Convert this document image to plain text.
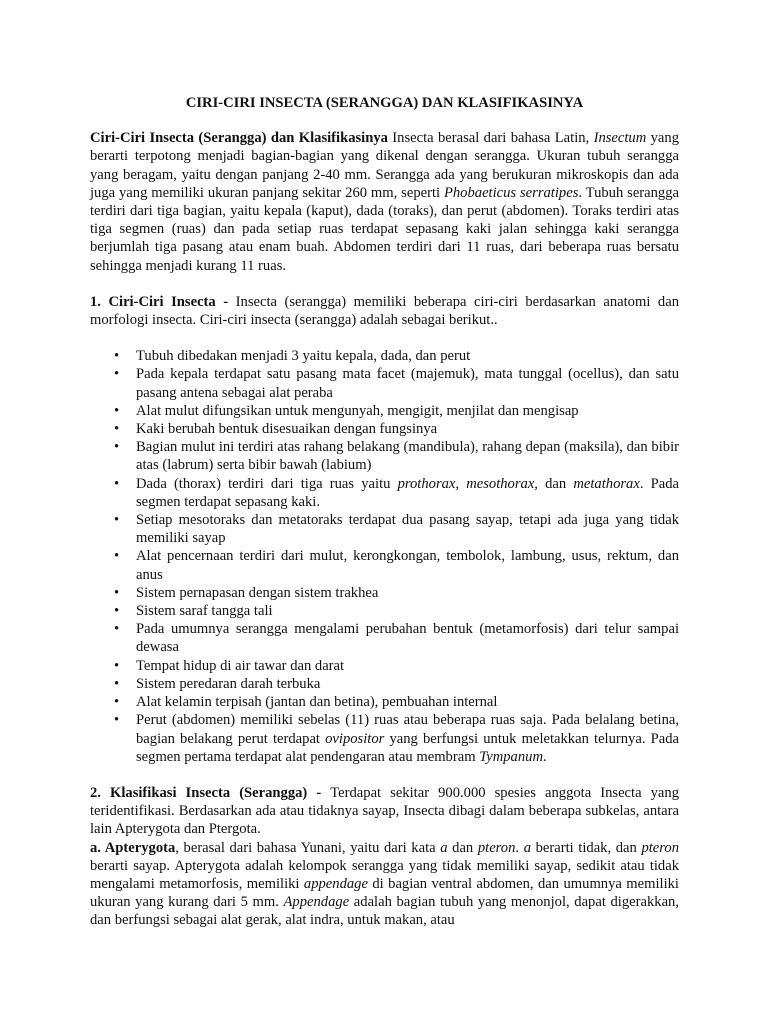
CIRI-CIRI INSECTA (SERANGGA) DAN KLASIFIKASINYA

Ciri-Ciri Insecta (Serangga) dan Klasifikasinya Insecta berasal dari bahasa Latin, Insectum yang berarti terpotong menjadi bagian-bagian yang dikenal dengan serangga. Ukuran tubuh serangga yang beragam, yaitu dengan panjang 2-40 mm. Serangga ada yang berukuran mikroskopis dan ada juga yang memiliki ukuran panjang sekitar 260 mm, seperti Phobaeticus serratipes. Tubuh serangga terdiri dari tiga bagian, yaitu kepala (kaput), dada (toraks), dan perut (abdomen). Toraks terdiri atas tiga segmen (ruas) dan pada setiap ruas terdapat sepasang kaki jalan sehingga kaki serangga berjumlah tiga pasang atau enam buah. Abdomen terdiri dari 11 ruas, dari beberapa ruas bersatu sehingga menjadi kurang 11 ruas.

1. Ciri-Ciri Insecta - Insecta (serangga) memiliki beberapa ciri-ciri berdasarkan anatomi dan morfologi insecta. Ciri-ciri insecta (serangga) adalah sebagai berikut..

• Tubuh dibedakan menjadi 3 yaitu kepala, dada, dan perut
• Pada kepala terdapat satu pasang mata facet (majemuk), mata tunggal (ocellus), dan satu pasang antena sebagai alat peraba
• Alat mulut difungsikan untuk mengunyah, mengigit, menjilat dan mengisap
• Kaki berubah bentuk disesuaikan dengan fungsinya
• Bagian mulut ini terdiri atas rahang belakang (mandibula), rahang depan (maksila), dan bibir atas (labrum) serta bibir bawah (labium)
• Dada (thorax) terdiri dari tiga ruas yaitu prothorax, mesothorax, dan metathorax. Pada segmen terdapat sepasang kaki.
• Setiap mesotoraks dan metatoraks terdapat dua pasang sayap, tetapi ada juga yang tidak memiliki sayap
• Alat pencernaan terdiri dari mulut, kerongkongan, tembolok, lambung, usus, rektum, dan anus
• Sistem pernapasan dengan sistem trakhea
• Sistem saraf tangga tali
• Pada umumnya serangga mengalami perubahan bentuk (metamorfosis) dari telur sampai dewasa
• Tempat hidup di air tawar dan darat
• Sistem peredaran darah terbuka
• Alat kelamin terpisah (jantan dan betina), pembuahan internal
• Perut (abdomen) memiliki sebelas (11) ruas atau beberapa ruas saja. Pada belalang betina, bagian belakang perut terdapat ovipositor yang berfungsi untuk meletakkan telurnya. Pada segmen pertama terdapat alat pendengaran atau membram Tympanum.

2. Klasifikasi Insecta (Serangga) - Terdapat sekitar 900.000 spesies anggota Insecta yang teridentifikasi. Berdasarkan ada atau tidaknya sayap, Insecta dibagi dalam beberapa subkelas, antara lain Apterygota dan Ptergota.

a. Apterygota, berasal dari bahasa Yunani, yaitu dari kata a dan pteron. a berarti tidak, dan pteron berarti sayap. Apterygota adalah kelompok serangga yang tidak memiliki sayap, sedikit atau tidak mengalami metamorfosis, memiliki appendage di bagian ventral abdomen, dan umumnya memiliki ukuran yang kurang dari 5 mm. Appendage adalah bagian tubuh yang menonjol, dapat digerakkan, dan berfungsi sebagai alat gerak, alat indra, untuk makan, atau
